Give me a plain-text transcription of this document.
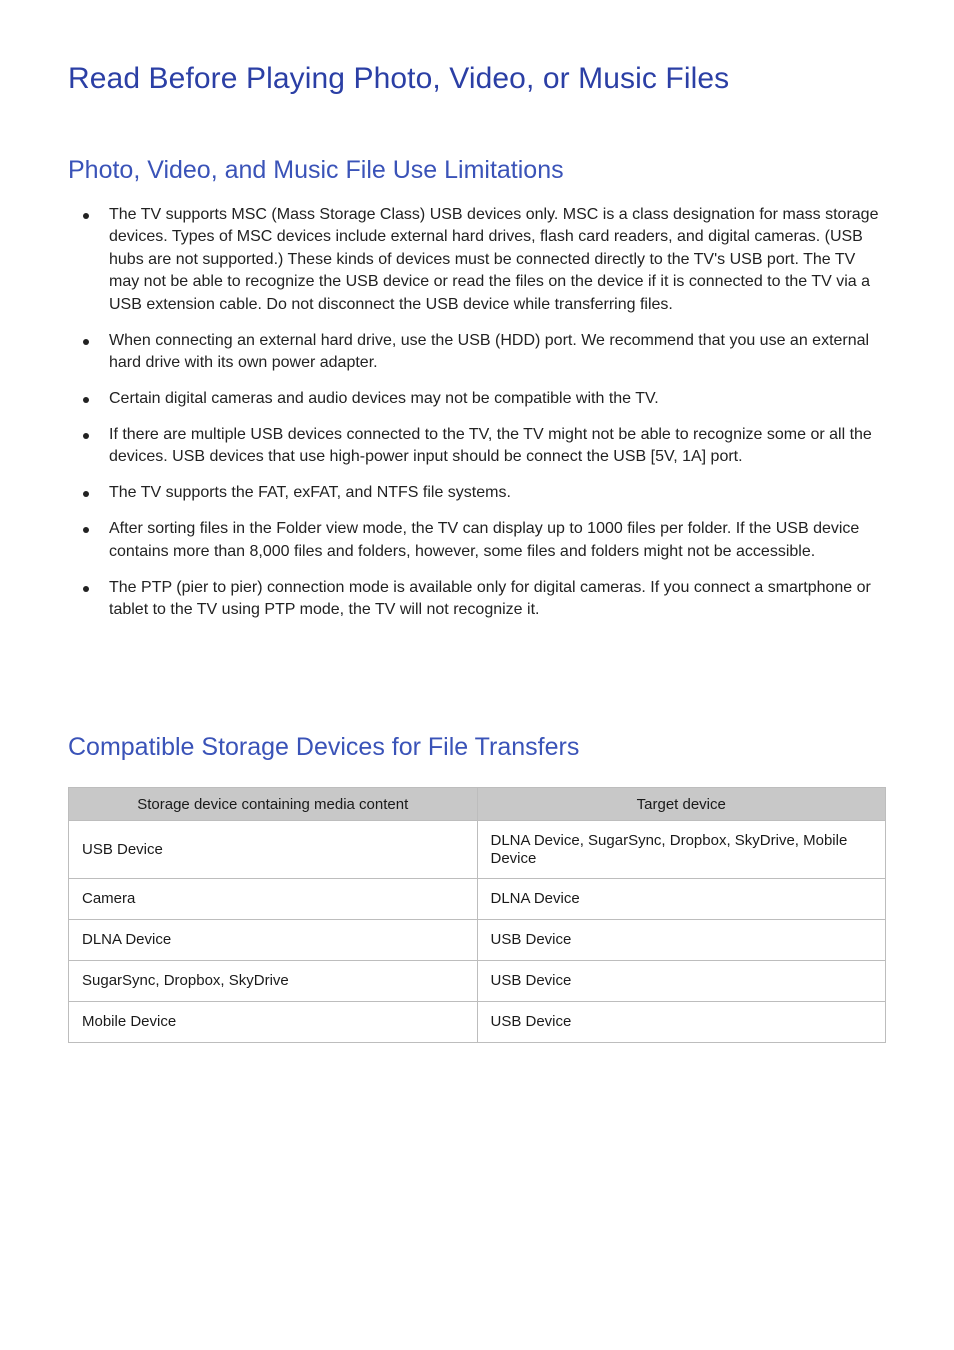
Read Before Playing Photo, Video, or Music Files
Photo, Video, and Music File Use Limitations
The TV supports MSC (Mass Storage Class) USB devices only. MSC is a class designation for mass storage devices. Types of MSC devices include external hard drives, flash card readers, and digital cameras. (USB hubs are not supported.) These kinds of devices must be connected directly to the TV's USB port. The TV may not be able to recognize the USB device or read the files on the device if it is connected to the TV via a USB extension cable. Do not disconnect the USB device while transferring files.
When connecting an external hard drive, use the USB (HDD) port. We recommend that you use an external hard drive with its own power adapter.
Certain digital cameras and audio devices may not be compatible with the TV.
If there are multiple USB devices connected to the TV, the TV might not be able to recognize some or all the devices. USB devices that use high-power input should be connect the USB [5V, 1A] port.
The TV supports the FAT, exFAT, and NTFS file systems.
After sorting files in the Folder view mode, the TV can display up to 1000 files per folder. If the USB device contains more than 8,000 files and folders, however, some files and folders might not be accessible.
The PTP (pier to pier) connection mode is available only for digital cameras. If you connect a smartphone or tablet to the TV using PTP mode, the TV will not recognize it.
Compatible Storage Devices for File Transfers
Storage device containing media content	Target device
USB Device	DLNA Device, SugarSync, Dropbox, SkyDrive, Mobile Device
Camera	DLNA Device
DLNA Device	USB Device
SugarSync, Dropbox, SkyDrive	USB Device
Mobile Device	USB Device
